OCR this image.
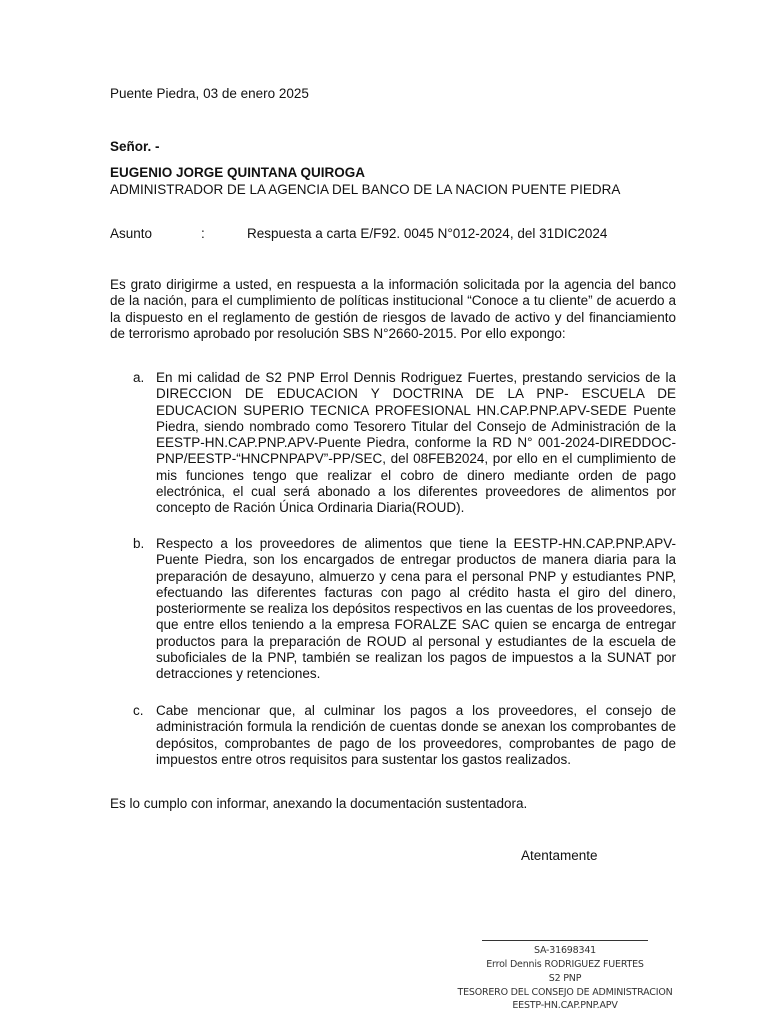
Puente Piedra, 03 de enero 2025
Señor. -
EUGENIO JORGE QUINTANA QUIROGA
ADMINISTRADOR DE LA AGENCIA DEL BANCO DE LA NACION PUENTE PIEDRA
Asunto	:	Respuesta a carta E/F92. 0045 N°012-2024, del 31DIC2024
Es grato dirigirme a usted, en respuesta a la información solicitada por la agencia del banco de la nación, para el cumplimiento de políticas institucional “Conoce a tu cliente” de acuerdo a la dispuesto en el reglamento de gestión de riesgos de lavado de activo y del financiamiento de terrorismo aprobado por resolución SBS N°2660-2015. Por ello expongo:
a. En mi calidad de S2 PNP Errol Dennis Rodriguez Fuertes, prestando servicios de la DIRECCION DE EDUCACION Y DOCTRINA DE LA PNP- ESCUELA DE EDUCACION SUPERIO TECNICA PROFESIONAL HN.CAP.PNP.APV-SEDE Puente Piedra, siendo nombrado como Tesorero Titular del Consejo de Administración de la EESTP-HN.CAP.PNP.APV-Puente Piedra, conforme la RD N° 001-2024-DIREDDOC-PNP/EESTP-“HNCPNPAPV”-PP/SEC, del 08FEB2024, por ello en el cumplimiento de mis funciones tengo que realizar el cobro de dinero mediante orden de pago electrónica, el cual será abonado a los diferentes proveedores de alimentos por concepto de Ración Única Ordinaria Diaria(ROUD).
b. Respecto a los proveedores de alimentos que tiene la EESTP-HN.CAP.PNP.APV-Puente Piedra, son los encargados de entregar productos de manera diaria para la preparación de desayuno, almuerzo y cena para el personal PNP y estudiantes PNP, efectuando las diferentes facturas con pago al crédito hasta el giro del dinero, posteriormente se realiza los depósitos respectivos en las cuentas de los proveedores, que entre ellos teniendo a la empresa FORALZE SAC quien se encarga de entregar productos para la preparación de ROUD al personal y estudiantes de la escuela de suboficiales de la PNP, también se realizan los pagos de impuestos a la SUNAT por detracciones y retenciones.
c. Cabe mencionar que, al culminar los pagos a los proveedores, el consejo de administración formula la rendición de cuentas donde se anexan los comprobantes de depósitos, comprobantes de pago de los proveedores, comprobantes de pago de impuestos entre otros requisitos para sustentar los gastos realizados.
Es lo cumplo con informar, anexando la documentación sustentadora.
Atentamente
SA-31698341
Errol Dennis RODRIGUEZ FUERTES
S2 PNP
TESORERO DEL CONSEJO DE ADMINISTRACION
EESTP-HN.CAP.PNP.APV
